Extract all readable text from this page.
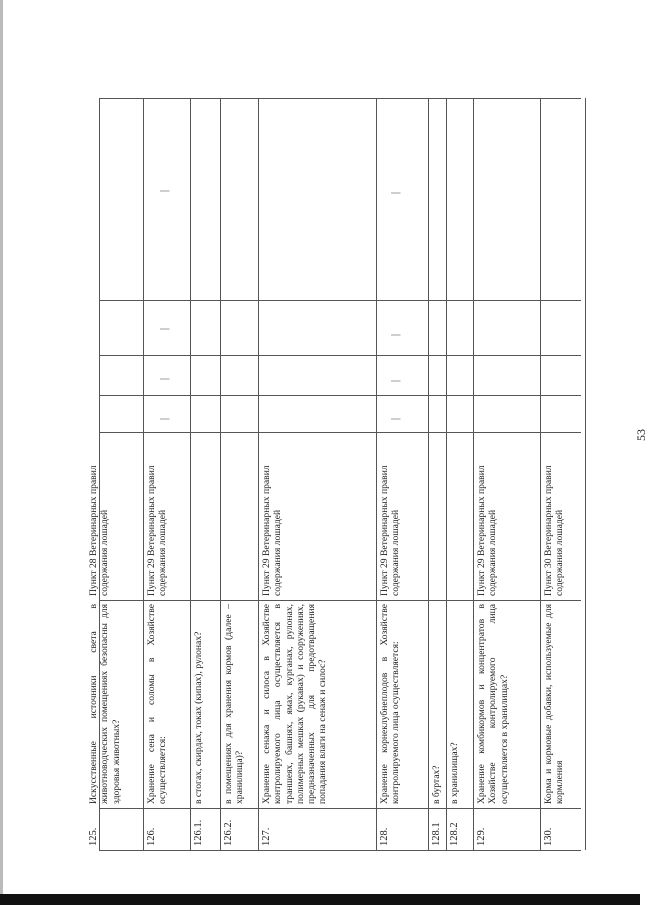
53
125.
Искусственные источники света в животноводческих помещениях безопасны для здоровья животных?
Пункт 28 Ветеринарных правил содержания лошадей
126.
Хранение сена и соломы в Хозяйстве осуществляется:
Пункт 29 Ветеринарных правил содержания лошадей
126.1.
в стогах, скирдах, токах (кипах), рулонах?
126.2.
в помещениях для хранения кормов (далее – хранилища)?
127.
Хранение сенажа и силоса в Хозяйстве контролируемого лица осуществляется в траншеях, башнях, ямах, курганах, рулонах, полимерных мешках (рукавах) и сооружениях, предназначенных для предотвращения попадания влаги на сенаж и силос?
Пункт 29 Ветеринарных правил содержания лошадей
128.
Хранение корнеклубнеплодов в Хозяйстве контролируемого лица осуществляется:
Пункт 29 Ветеринарных правил содержания лошадей
128.1
в буртах?
128.2
в хранилищах?
129.
Хранение комбикормов и концентратов в Хозяйстве контролируемого лица осуществляется в хранилищах?
Пункт 29 Ветеринарных правил содержания лошадей
130.
Корма и кормовые добавки, используемые для кормления
Пункт 30 Ветеринарных правил содержания лошадей
|
|
|
|
|
|
|
|
